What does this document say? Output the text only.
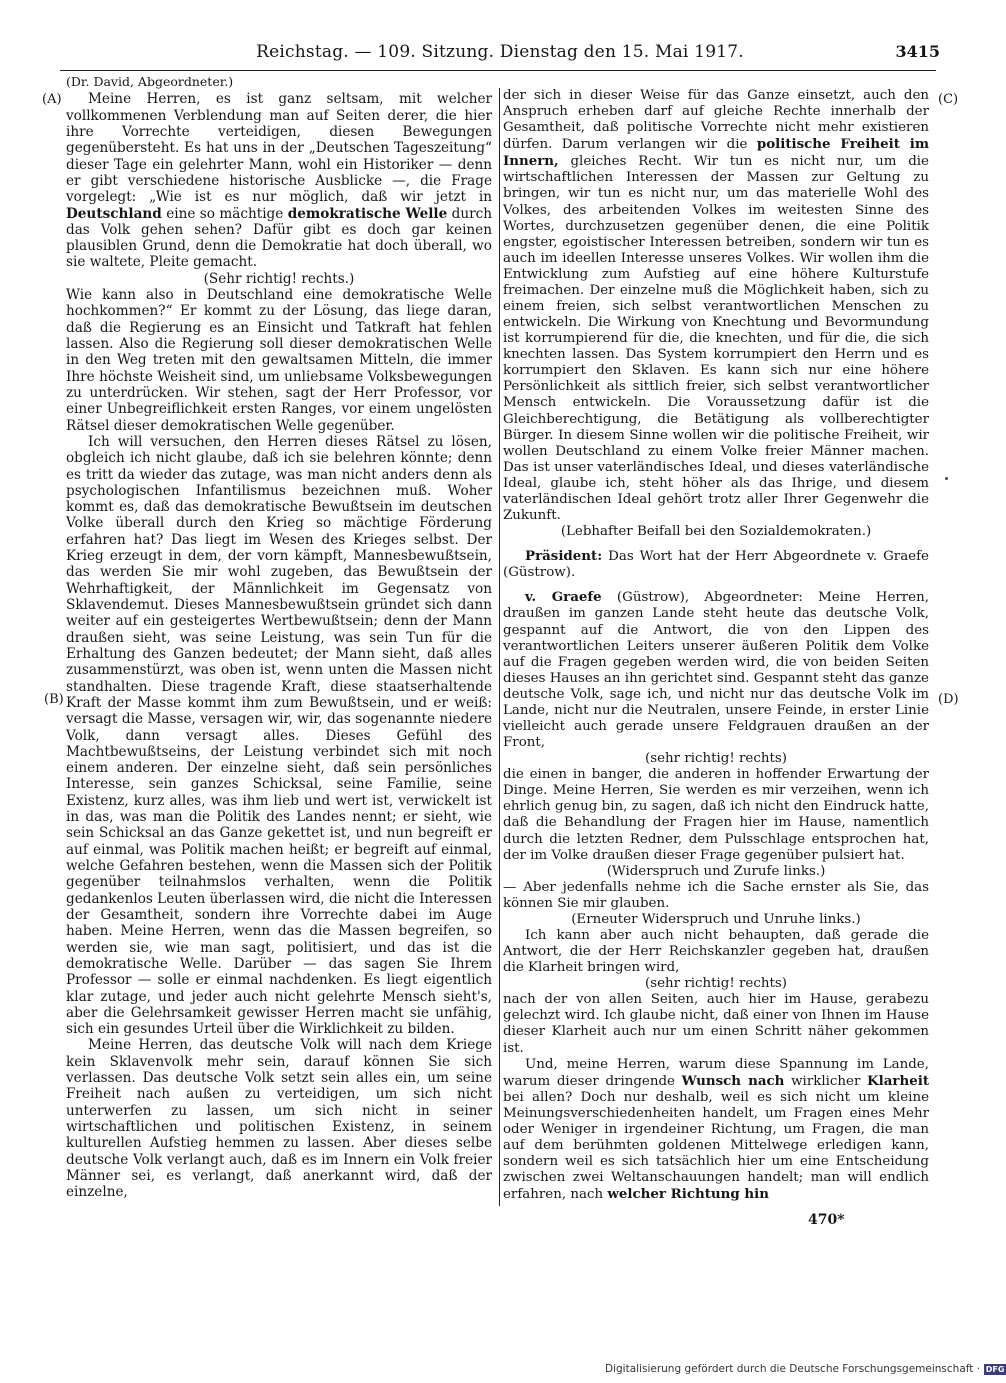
Reichstag. — 109. Sitzung. Dienstag den 15. Mai 1917.	3415
(A)
(B)
(C)
(D)

(Dr. David, Abgeordneter.)

Meine Herren, es ist ganz seltsam, mit welcher vollkommenen Verblendung man auf Seiten derer, die hier ihre Vorrechte verteidigen, diesen Bewegungen gegenübersteht. Es hat uns in der „Deutschen Tageszeitung“ dieser Tage ein gelehrter Mann, wohl ein Historiker — denn er gibt verschiedene historische Ausblicke —, die Frage vorgelegt: „Wie ist es nur möglich, daß wir jetzt in Deutschland eine so mächtige demokratische Welle durch das Volk gehen sehen? Dafür gibt es doch gar keinen plausiblen Grund, denn die Demokratie hat doch überall, wo sie waltete, Pleite gemacht.

(Sehr richtig! rechts.)

Wie kann also in Deutschland eine demokratische Welle hochkommen?“ Er kommt zu der Lösung, das liege daran, daß die Regierung es an Einsicht und Tatkraft hat fehlen lassen. Also die Regierung soll dieser demokratischen Welle in den Weg treten mit den gewaltsamen Mitteln, die immer Ihre höchste Weisheit sind, um unliebsame Volksbewegungen zu unterdrücken. Wir stehen, sagt der Herr Professor, vor einer Unbegreiflichkeit ersten Ranges, vor einem ungelösten Rätsel dieser demokratischen Welle gegenüber.

Ich will versuchen, den Herren dieses Rätsel zu lösen, obgleich ich nicht glaube, daß ich sie belehren könnte; denn es tritt da wieder das zutage, was man nicht anders denn als psychologischen Infantilismus bezeichnen muß. Woher kommt es, daß das demokratische Bewußtsein im deutschen Volke überall durch den Krieg so mächtige Förderung erfahren hat? Das liegt im Wesen des Krieges selbst. Der Krieg erzeugt in dem, der vorn kämpft, Mannesbewußtsein, das werden Sie mir wohl zugeben, das Bewußtsein der Wehrhaftigkeit, der Männlichkeit im Gegensatz von Sklavendemut. Dieses Mannesbewußtsein gründet sich dann weiter auf ein gesteigertes Wertbewußtsein; denn der Mann draußen sieht, was seine Leistung, was sein Tun für die Erhaltung des Ganzen bedeutet; der Mann sieht, daß alles zusammenstürzt, was oben ist, wenn unten die Massen nicht standhalten. Diese tragende Kraft, diese staatserhaltende Kraft der Masse kommt ihm zum Bewußtsein, und er weiß: versagt die Masse, versagen wir, wir, das sogenannte niedere Volk, dann versagt alles. Dieses Gefühl des Machtbewußtseins, der Leistung verbindet sich mit noch einem anderen. Der einzelne sieht, daß sein persönliches Interesse, sein ganzes Schicksal, seine Familie, seine Existenz, kurz alles, was ihm lieb und wert ist, verwickelt ist in das, was man die Politik des Landes nennt; er sieht, wie sein Schicksal an das Ganze gekettet ist, und nun begreift er auf einmal, was Politik machen heißt; er begreift auf einmal, welche Gefahren bestehen, wenn die Massen sich der Politik gegenüber teilnahmslos verhalten, wenn die Politik gedankenlos Leuten überlassen wird, die nicht die Interessen der Gesamtheit, sondern ihre Vorrechte dabei im Auge haben. Meine Herren, wenn das die Massen begreifen, so werden sie, wie man sagt, politisiert, und das ist die demokratische Welle. Darüber — das sagen Sie Ihrem Professor — solle er einmal nachdenken. Es liegt eigentlich klar zutage, und jeder auch nicht gelehrte Mensch sieht's, aber die Gelehrsamkeit gewisser Herren macht sie unfähig, sich ein gesundes Urteil über die Wirklichkeit zu bilden.

Meine Herren, das deutsche Volk will nach dem Kriege kein Sklavenvolk mehr sein, darauf können Sie sich verlassen. Das deutsche Volk setzt sein alles ein, um seine Freiheit nach außen zu verteidigen, um sich nicht unterwerfen zu lassen, um sich nicht in seiner wirtschaftlichen und politischen Existenz, in seinem kulturellen Aufstieg hemmen zu lassen. Aber dieses selbe deutsche Volk verlangt auch, daß es im Innern ein Volk freier Männer sei, es verlangt, daß anerkannt wird, daß der einzelne,

der sich in dieser Weise für das Ganze einsetzt, auch den Anspruch erheben darf auf gleiche Rechte innerhalb der Gesamtheit, daß politische Vorrechte nicht mehr existieren dürfen. Darum verlangen wir die politische Freiheit im Innern, gleiches Recht. Wir tun es nicht nur, um die wirtschaftlichen Interessen der Massen zur Geltung zu bringen, wir tun es nicht nur, um das materielle Wohl des Volkes, des arbeitenden Volkes im weitesten Sinne des Wortes, durchzusetzen gegenüber denen, die eine Politik engster, egoistischer Interessen betreiben, sondern wir tun es auch im ideellen Interesse unseres Volkes. Wir wollen ihm die Entwicklung zum Aufstieg auf eine höhere Kulturstufe freimachen. Der einzelne muß die Möglichkeit haben, sich zu einem freien, sich selbst verantwortlichen Menschen zu entwickeln. Die Wirkung von Knechtung und Bevormundung ist korrumpierend für die, die knechten, und für die, die sich knechten lassen. Das System korrumpiert den Herrn und es korrumpiert den Sklaven. Es kann sich nur eine höhere Persönlichkeit als sittlich freier, sich selbst verantwortlicher Mensch entwickeln. Die Voraussetzung dafür ist die Gleichberechtigung, die Betätigung als vollberechtigter Bürger. In diesem Sinne wollen wir die politische Freiheit, wir wollen Deutschland zu einem Volke freier Männer machen. Das ist unser vaterländisches Ideal, und dieses vaterländische Ideal, glaube ich, steht höher als das Ihrige, und diesem vaterländischen Ideal gehört trotz aller Ihrer Gegenwehr die Zukunft.

(Lebhafter Beifall bei den Sozialdemokraten.)

Präsident: Das Wort hat der Herr Abgeordnete v. Graefe (Güstrow).

v. Graefe (Güstrow), Abgeordneter: Meine Herren, draußen im ganzen Lande steht heute das deutsche Volk, gespannt auf die Antwort, die von den Lippen des verantwortlichen Leiters unserer äußeren Politik dem Volke auf die Fragen gegeben werden wird, die von beiden Seiten dieses Hauses an ihn gerichtet sind. Gespannt steht das ganze deutsche Volk, sage ich, und nicht nur das deutsche Volk im Lande, nicht nur die Neutralen, unsere Feinde, in erster Linie vielleicht auch gerade unsere Feldgrauen draußen an der Front,

(sehr richtig! rechts)

die einen in banger, die anderen in hoffender Erwartung der Dinge. Meine Herren, Sie werden es mir verzeihen, wenn ich ehrlich genug bin, zu sagen, daß ich nicht den Eindruck hatte, daß die Behandlung der Fragen hier im Hause, namentlich durch die letzten Redner, dem Pulsschlage entsprochen hat, der im Volke draußen dieser Frage gegenüber pulsiert hat.

(Widerspruch und Zurufe links.)

— Aber jedenfalls nehme ich die Sache ernster als Sie, das können Sie mir glauben.

(Erneuter Widerspruch und Unruhe links.)

Ich kann aber auch nicht behaupten, daß gerade die Antwort, die der Herr Reichskanzler gegeben hat, draußen die Klarheit bringen wird,

(sehr richtig! rechts)

nach der von allen Seiten, auch hier im Hause, gerabezu gelechzt wird. Ich glaube nicht, daß einer von Ihnen im Hause dieser Klarheit auch nur um einen Schritt näher gekommen ist.

Und, meine Herren, warum diese Spannung im Lande, warum dieser dringende Wunsch nach wirklicher Klarheit bei allen? Doch nur deshalb, weil es sich nicht um kleine Meinungsverschiedenheiten handelt, um Fragen eines Mehr oder Weniger in irgendeiner Richtung, um Fragen, die man auf dem berühmten goldenen Mittelwege erledigen kann, sondern weil es sich tatsächlich hier um eine Entscheidung zwischen zwei Weltanschauungen handelt; man will endlich erfahren, nach welcher Richtung hin

470*
Digitalisierung gefördert durch die Deutsche Forschungsgemeinschaft · DFG
